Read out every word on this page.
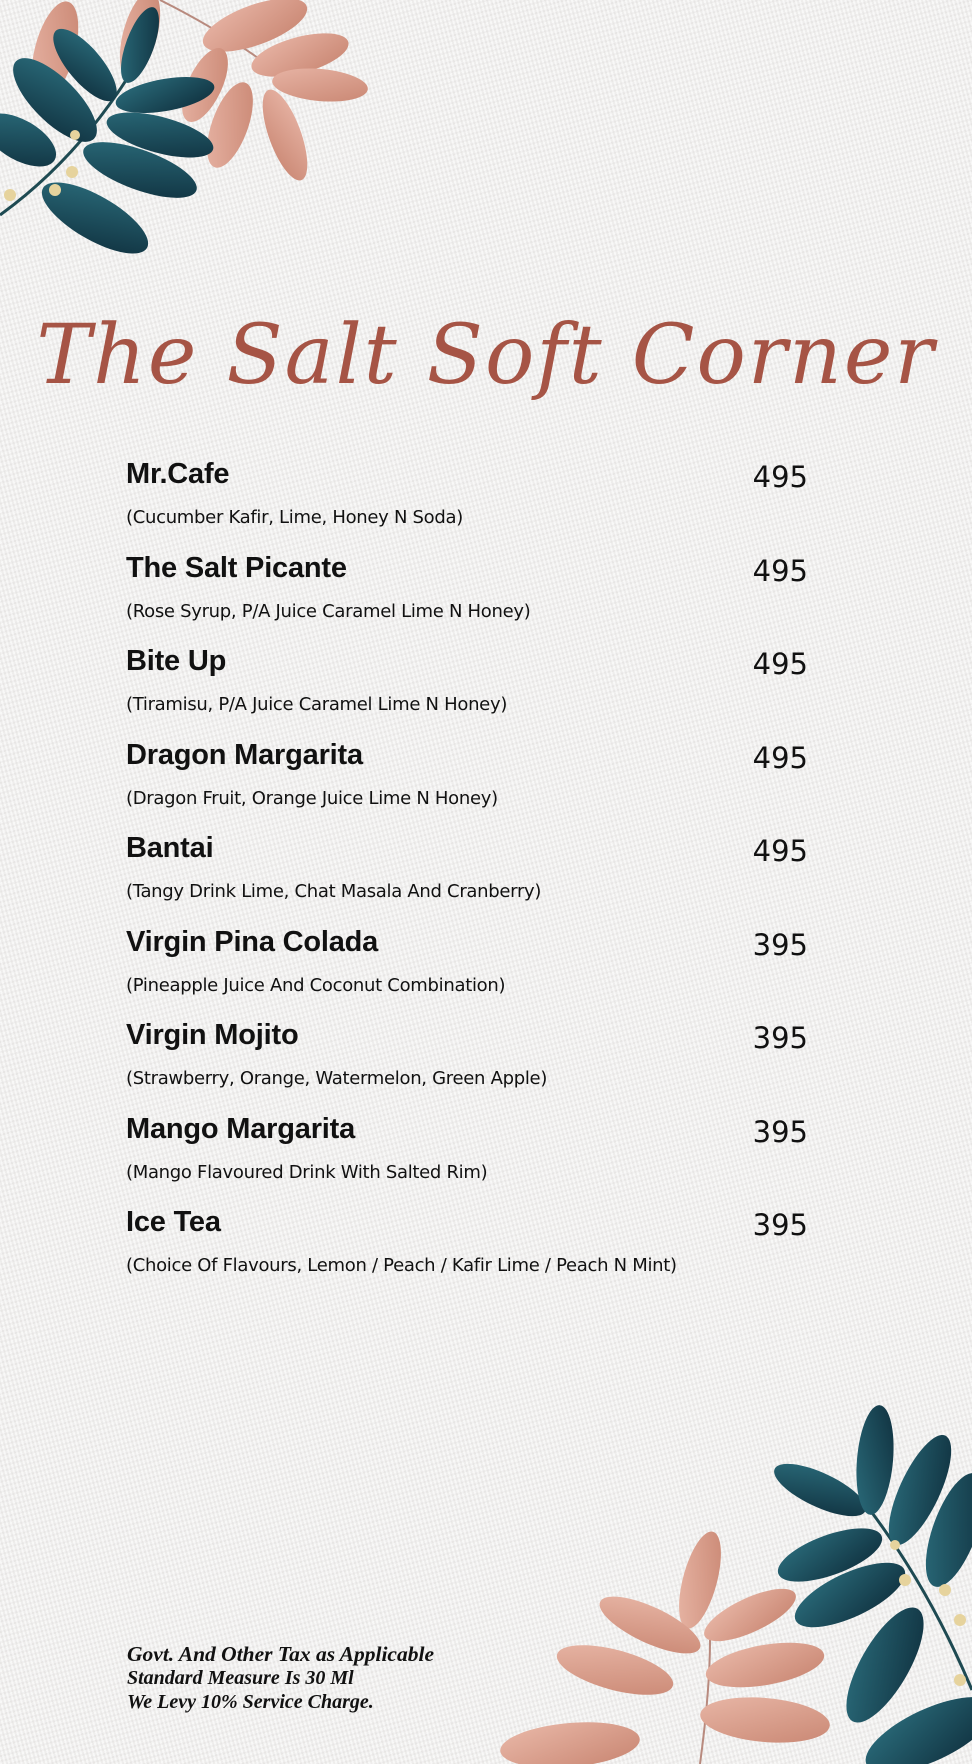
The Salt Soft Corner
Mr.Cafe	495
(Cucumber Kafir, Lime, Honey N Soda)
The Salt Picante	495
(Rose Syrup, P/A Juice Caramel Lime N Honey)
Bite Up	495
(Tiramisu, P/A Juice Caramel Lime N Honey)
Dragon Margarita	495
(Dragon Fruit, Orange Juice Lime N Honey)
Bantai	495
(Tangy Drink Lime, Chat Masala And Cranberry)
Virgin Pina Colada	395
(Pineapple Juice And Coconut Combination)
Virgin Mojito	395
(Strawberry, Orange, Watermelon, Green Apple)
Mango Margarita	395
(Mango Flavoured Drink With Salted Rim)
Ice Tea	395
(Choice Of Flavours, Lemon / Peach / Kafir Lime / Peach N Mint)
Govt. And Other Tax as Applicable
Standard Measure Is 30 Ml
We Levy 10% Service Charge.
